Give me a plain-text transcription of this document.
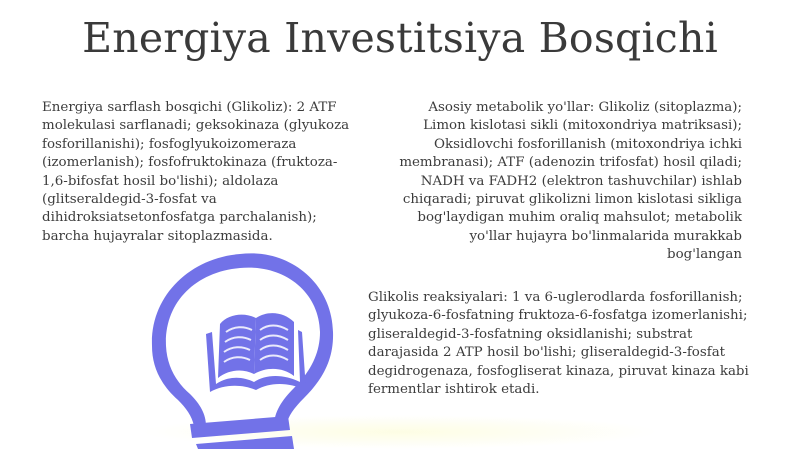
Energiya Investitsiya Bosqichi
Energiya sarflash bosqichi (Glikoliz): 2 ATF molekulasi sarflanadi; geksokinaza (glyukoza fosforillanishi); fosfoglyukoizomeraza (izomerlanish); fosfofruktokinaza (fruktoza-1,6-bifosfat hosil bo'lishi); aldolaza (glitseraldegid-3-fosfat va dihidroksiatsetonfosfatga parchalanish); barcha hujayralar sitoplazmasida.
Asosiy metabolik yo'llar: Glikoliz (sitoplazma); Limon kislotasi sikli (mitoxondriya matriksasi); Oksidlovchi fosforillanish (mitoxondriya ichki membranasi); ATF (adenozin trifosfat) hosil qiladi; NADH va FADH2 (elektron tashuvchilar) ishlab chiqaradi; piruvat glikolizni limon kislotasi sikliga bog'laydigan muhim oraliq mahsulot; metabolik yo'llar hujayra bo'linmalarida murakkab bog'langan
Glikolis reaksiyalari: 1 va 6-uglerodlarda fosforillanish; glyukoza-6-fosfatning fruktoza-6-fosfatga izomerlanishi; gliseraldegid-3-fosfatning oksidlanishi; substrat darajasida 2 ATP hosil bo'lishi; gliseraldegid-3-fosfat degidrogenaza, fosfogliserat kinaza, piruvat kinaza kabi fermentlar ishtirok etadi.
